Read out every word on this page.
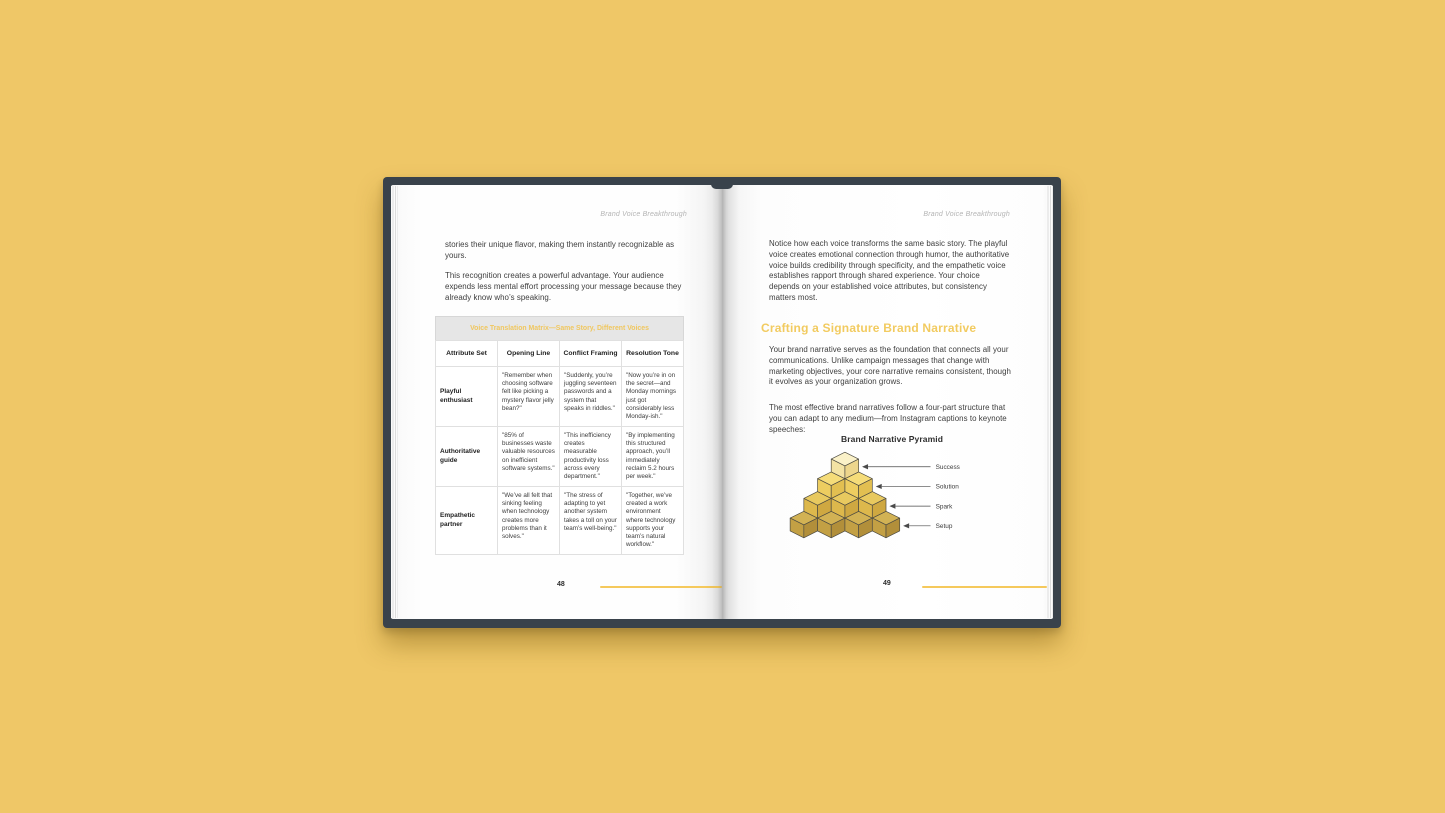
Brand Voice Breakthrough
stories their unique flavor, making them instantly recognizable as yours.
This recognition creates a powerful advantage. Your audience expends less mental effort processing your message because they already know who’s speaking.
Voice Translation Matrix—Same Story, Different Voices
Attribute Set	Opening Line	Conflict Framing	Resolution Tone
Playful enthusiast	"Remember when choosing software felt like picking a mystery flavor jelly bean?"	"Suddenly, you’re juggling seventeen passwords and a system that speaks in riddles."	"Now you’re in on the secret—and Monday mornings just got considerably less Monday-ish."
Authoritative guide	"85% of businesses waste valuable resources on inefficient software systems."	"This inefficiency creates measurable productivity loss across every department."	"By implementing this structured approach, you’ll immediately reclaim 5.2 hours per week."
Empathetic partner	"We’ve all felt that sinking feeling when technology creates more problems than it solves."	"The stress of adapting to yet another system takes a toll on your team’s well-being."	"Together, we’ve created a work environment where technology supports your team’s natural workflow."
48
Brand Voice Breakthrough
Notice how each voice transforms the same basic story. The playful voice creates emotional connection through humor, the authoritative voice builds credibility through specificity, and the empathetic voice establishes rapport through shared experience. Your choice depends on your established voice attributes, but consistency matters most.
Crafting a Signature Brand Narrative
Your brand narrative serves as the foundation that connects all your communications. Unlike campaign messages that change with marketing objectives, your core narrative remains consistent, though it evolves as your organization grows.
The most effective brand narratives follow a four-part structure that you can adapt to any medium—from Instagram captions to keynote speeches:
Brand Narrative Pyramid
Success
Solution
Spark
Setup
49
